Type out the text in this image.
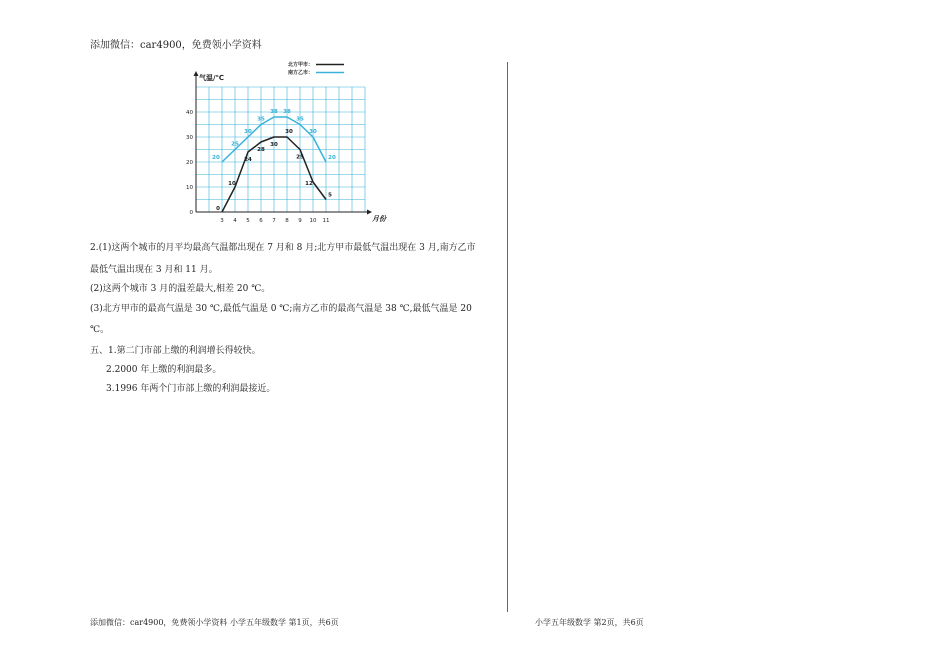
添加微信：car4900，免费领小学资料
0
10
20
30
40
3 4 5 6 7 8 9 10 11
0
10
24
28
30
30
25
12
5
20
25
30
35
38 38
35
30
20
北方甲市：
南方乙市：
气温/℃
月份
2.(1)这两个城市的月平均最高气温都出现在 7 月和 8 月;北方甲市最低气温出现在 3 月,南方乙市
最低气温出现在 3 月和 11 月。
(2)这两个城市 3 月的温差最大,相差 20 ℃。
(3)北方甲市的最高气温是 30 ℃,最低气温是 0 ℃;南方乙市的最高气温是 38 ℃,最低气温是 20
℃。
五、1.第二门市部上缴的利润增长得较快。
2.2000 年上缴的利润最多。
3.1996 年两个门市部上缴的利润最接近。
添加微信：car4900，免费领小学资料 小学五年级数学 第1页，共6页	小学五年级数学 第2页，共6页
